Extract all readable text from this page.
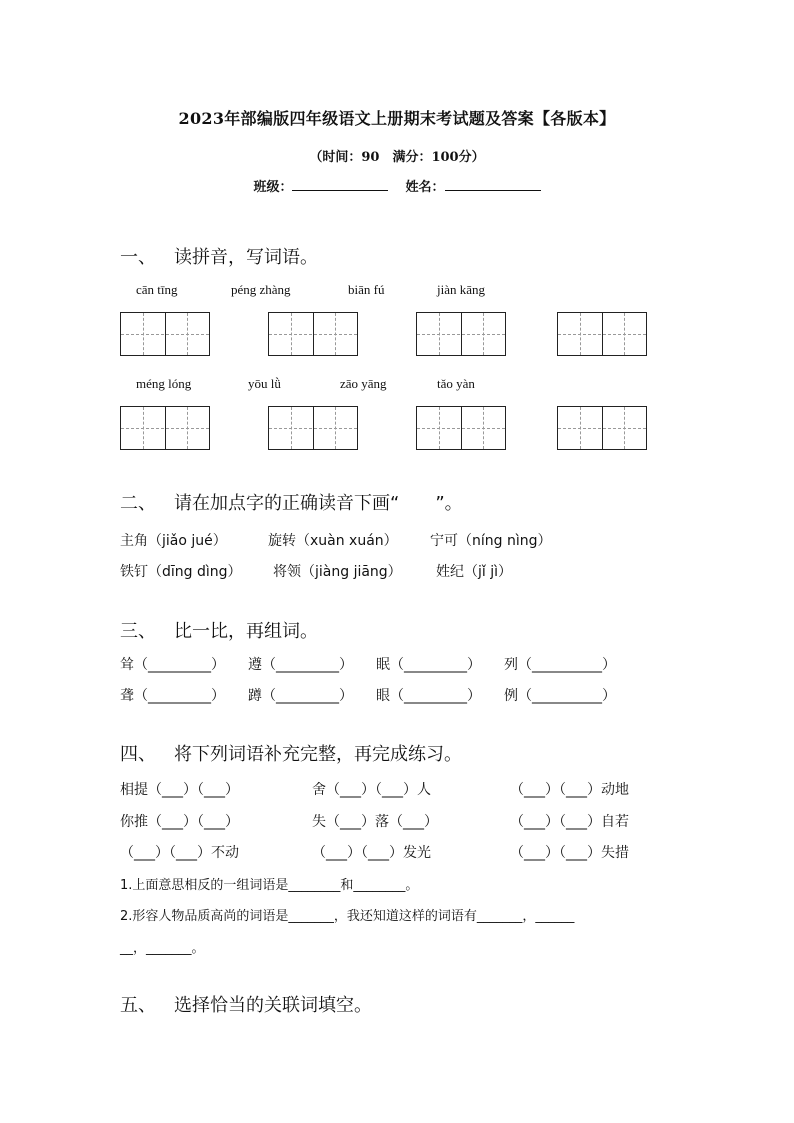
2023年部编版四年级语文上册期末考试题及答案【各版本】
（时间：90　满分：100分）
班级：	姓名：
一、 读拼音，写词语。
cān tīng	péng zhàng	biān fú	jiàn kāng
méng lóng	yōu lǜ	zāo yāng	tǎo yàn
二、 请在加点字的正确读音下画“　　”。
主角（jiǎo jué）	旋转（xuàn xuán） 宁可（níng nìng）
铁钉（dīng dìng） 将领（jiàng jiāng） 姓纪（jǐ jì）
三、 比一比，再组词。
耸（_________） 遵（_________） 眠（_________） 列（__________）
聋（_________） 蹲（_________） 眼（_________） 例（__________）
四、 将下列词语补充完整，再完成练习。
相提（___）（___）	舍（___）（___）人	（___）（___）动地
你推（___）（___）	失（___）落（___）	（___）（___）自若
（___）（___）不动	（___）（___）发光	（___）（___）失措
1.上面意思相反的一组词语是________和________。
2.形容人物品质高尚的词语是_______，我还知道这样的词语有_______，______
__，_______。
五、 选择恰当的关联词填空。
